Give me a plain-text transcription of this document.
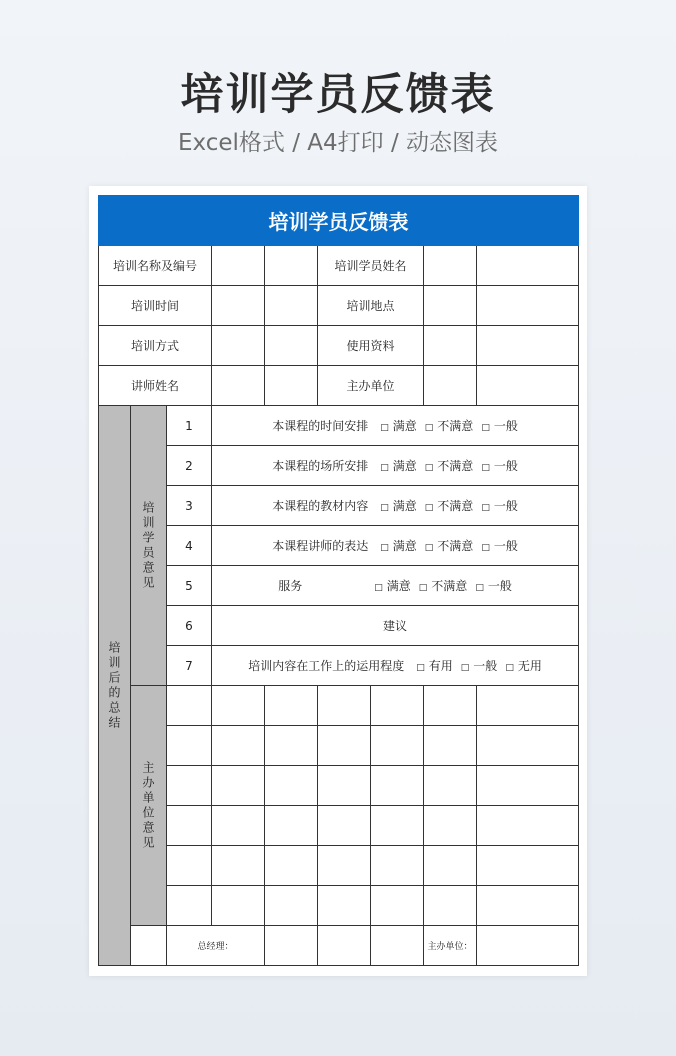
培训学员反馈表
Excel格式 / A4打印 / 动态图表
培训学员反馈表									
培训名称及编号					培训学员姓名				
培训时间					培训地点				
培训方式					使用资料				
讲师姓名					主办单位				
培训后的总结	培训学员意见	1	本课程的时间安排 □ 满意 □ 不满意 □ 一般						
		2	本课程的场所安排 □ 满意 □ 不满意 □ 一般						
		3	本课程的教材内容 □ 满意 □ 不满意 □ 一般						
		4	本课程讲师的表达 □ 满意 □ 不满意 □ 一般						
		5	服务 □ 满意 □ 不满意 □ 一般						
		6	建议						
		7	培训内容在工作上的运用程度 □ 有用 □ 一般 □ 无用						
	主办单位意见								

		总经理：					主办单位：		
